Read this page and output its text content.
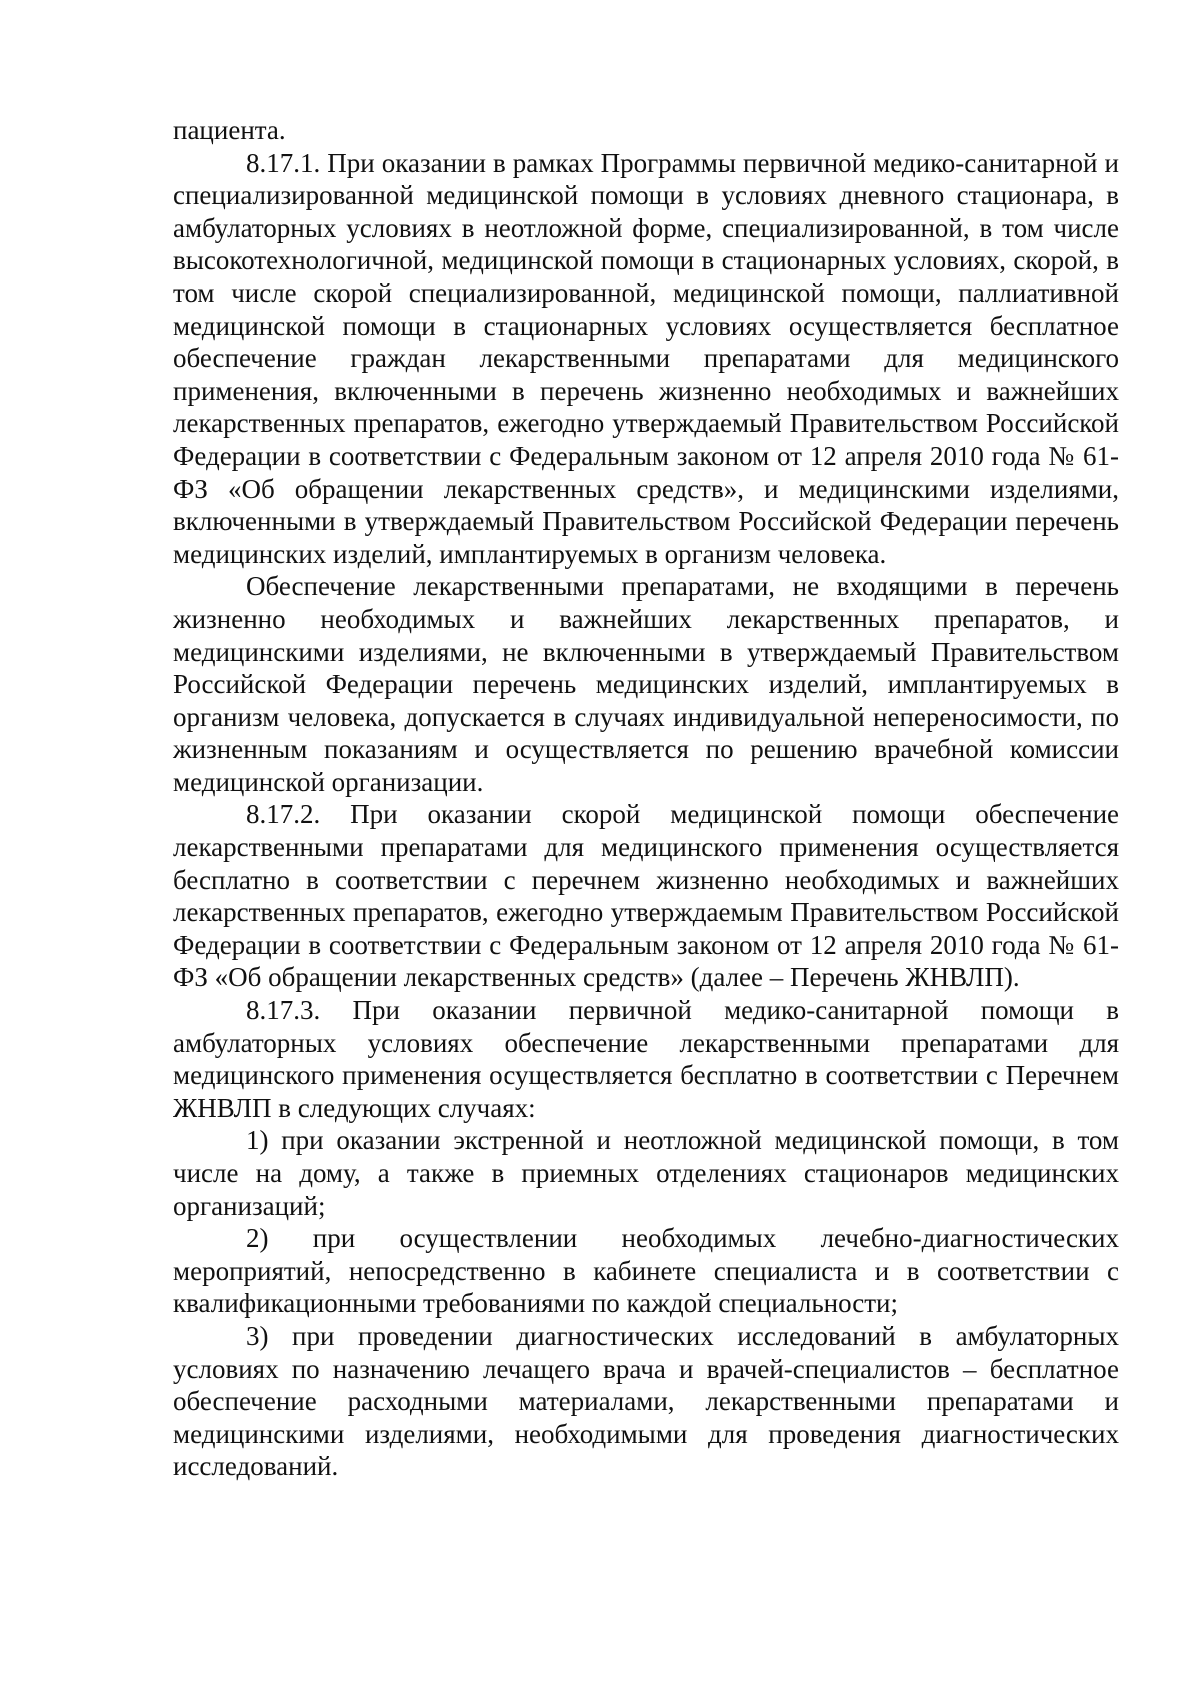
пациента.

8.17.1. При оказании в рамках Программы первичной медико-санитарной и специализированной медицинской помощи в условиях дневного стационара, в амбулаторных условиях в неотложной форме, специализированной, в том числе высокотехнологичной, медицинской помощи в стационарных условиях, скорой, в том числе скорой специализированной, медицинской помощи, паллиативной медицинской помощи в стационарных условиях осуществляется бесплатное обеспечение граждан лекарственными препаратами для медицинского применения, включенными в перечень жизненно необходимых и важнейших лекарственных препаратов, ежегодно утверждаемый Правительством Российской Федерации в соответствии с Федеральным законом от 12 апреля 2010 года № 61-ФЗ «Об обращении лекарственных средств», и медицинскими изделиями, включенными в утверждаемый Правительством Российской Федерации перечень медицинских изделий, имплантируемых в организм человека.

Обеспечение лекарственными препаратами, не входящими в перечень жизненно необходимых и важнейших лекарственных препаратов, и медицинскими изделиями, не включенными в утверждаемый Правительством Российской Федерации перечень медицинских изделий, имплантируемых в организм человека, допускается в случаях индивидуальной непереносимости, по жизненным показаниям и осуществляется по решению врачебной комиссии медицинской организации.

8.17.2. При оказании скорой медицинской помощи обеспечение лекарственными препаратами для медицинского применения осуществляется бесплатно в соответствии с перечнем жизненно необходимых и важнейших лекарственных препаратов, ежегодно утверждаемым Правительством Российской Федерации в соответствии с Федеральным законом от 12 апреля 2010 года № 61-ФЗ «Об обращении лекарственных средств» (далее – Перечень ЖНВЛП).

8.17.3. При оказании первичной медико-санитарной помощи в амбулаторных условиях обеспечение лекарственными препаратами для медицинского применения осуществляется бесплатно в соответствии с Перечнем ЖНВЛП в следующих случаях:

1) при оказании экстренной и неотложной медицинской помощи, в том числе на дому, а также в приемных отделениях стационаров медицинских организаций;

2) при осуществлении необходимых лечебно-диагностических мероприятий, непосредственно в кабинете специалиста и в соответствии с квалификационными требованиями по каждой специальности;

3) при проведении диагностических исследований в амбулаторных условиях по назначению лечащего врача и врачей-специалистов – бесплатное обеспечение расходными материалами, лекарственными препаратами и медицинскими изделиями, необходимыми для проведения диагностических исследований.
